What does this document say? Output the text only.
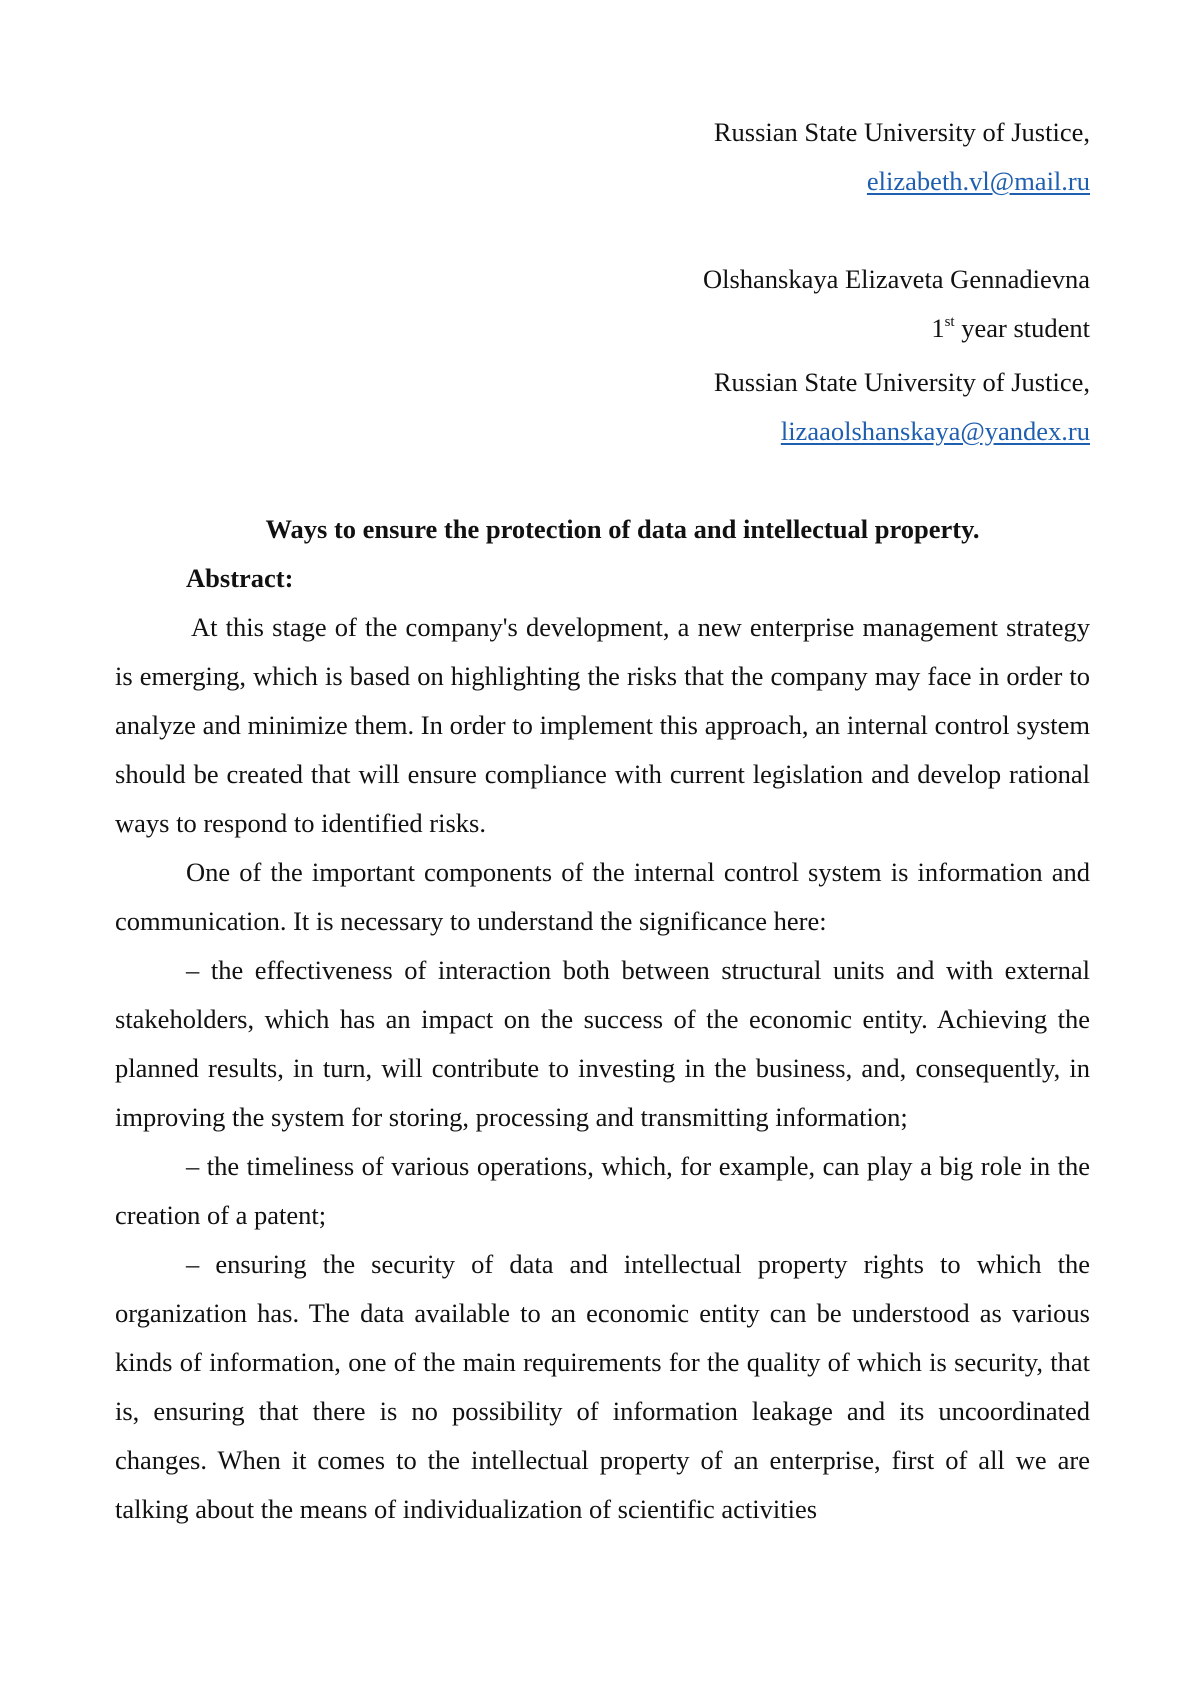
Russian State University of Justice,
elizabeth.vl@mail.ru
Olshanskaya Elizaveta Gennadievna
1st year student
Russian State University of Justice,
lizaaolshanskaya@yandex.ru
Ways to ensure the protection of data and intellectual property.
Abstract:

At this stage of the company's development, a new enterprise management strategy is emerging, which is based on highlighting the risks that the company may face in order to analyze and minimize them. In order to implement this approach, an internal control system should be created that will ensure compliance with current legislation and develop rational ways to respond to identified risks.

One of the important components of the internal control system is information and communication. It is necessary to understand the significance here:

– the effectiveness of interaction both between structural units and with external stakeholders, which has an impact on the success of the economic entity. Achieving the planned results, in turn, will contribute to investing in the business, and, consequently, in improving the system for storing, processing and transmitting information;

– the timeliness of various operations, which, for example, can play a big role in the creation of a patent;

– ensuring the security of data and intellectual property rights to which the organization has. The data available to an economic entity can be understood as various kinds of information, one of the main requirements for the quality of which is security, that is, ensuring that there is no possibility of information leakage and its uncoordinated changes. When it comes to the intellectual property of an enterprise, first of all we are talking about the means of individualization of scientific activities
